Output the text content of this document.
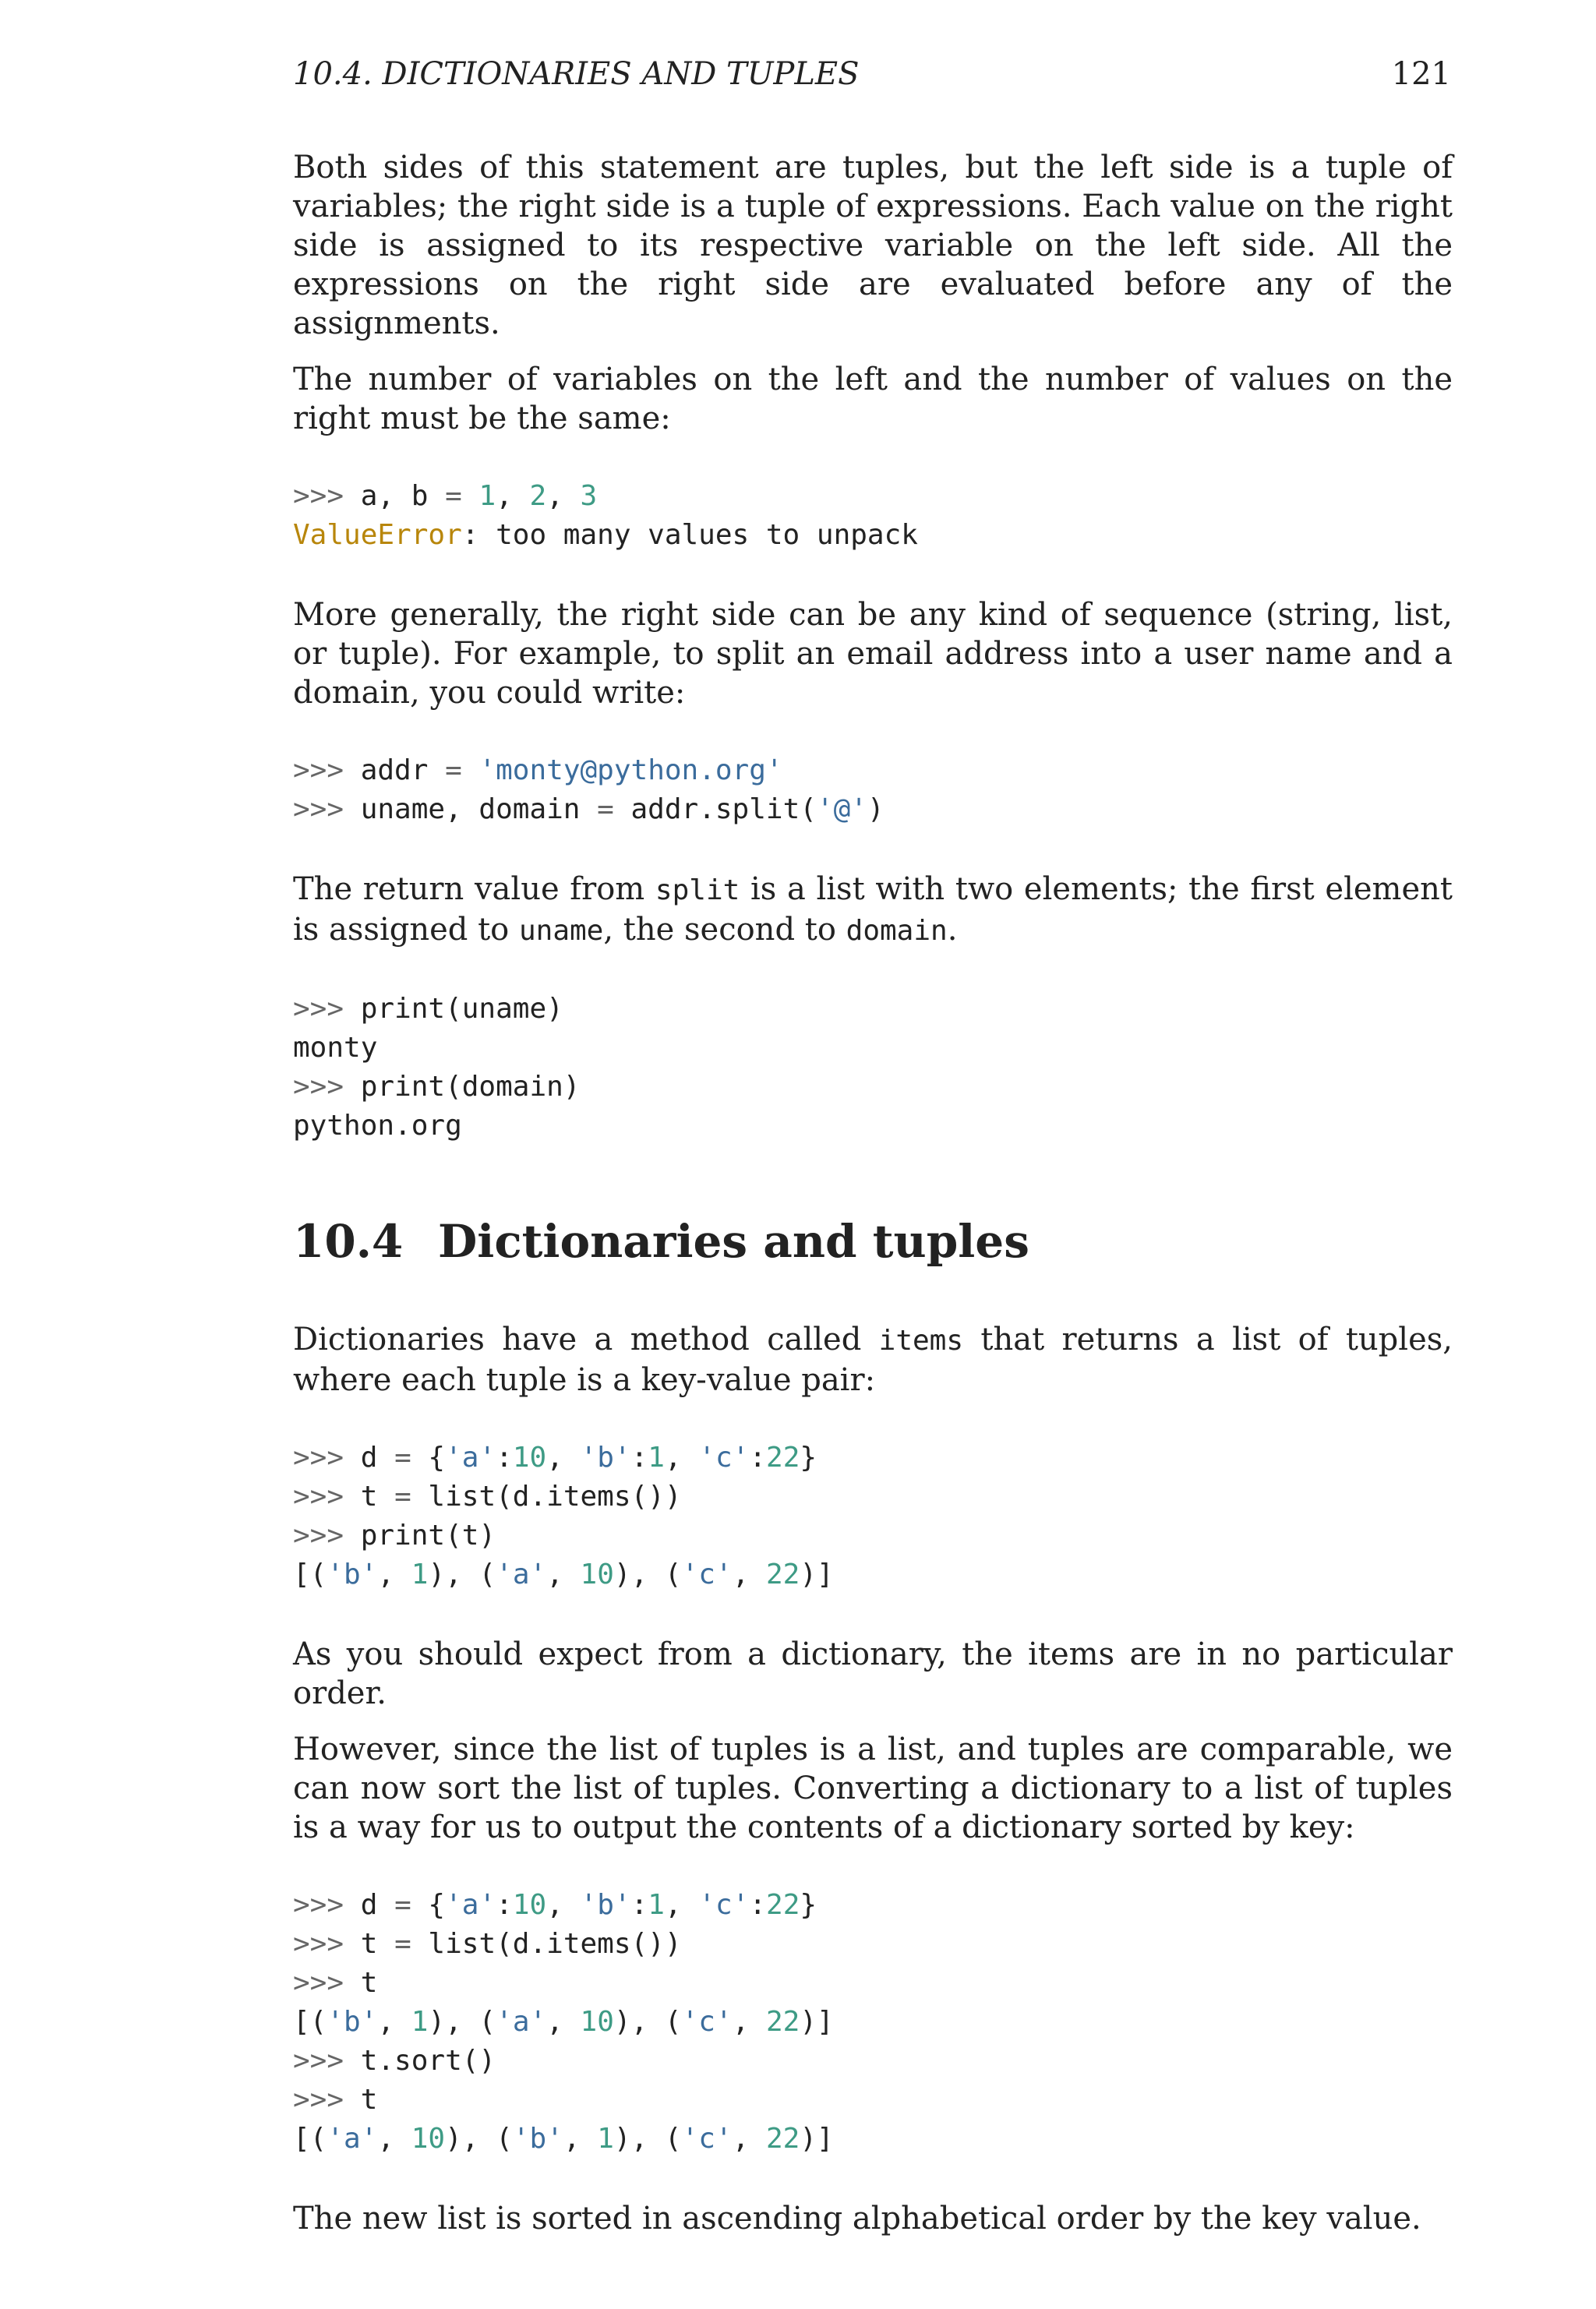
10.4. DICTIONARIES AND TUPLES	121

Both sides of this statement are tuples, but the left side is a tuple of variables; the right side is a tuple of expressions. Each value on the right side is assigned to its respective variable on the left side. All the expressions on the right side are evaluated before any of the assignments.

The number of variables on the left and the number of values on the right must be the same:

>>> a, b = 1, 2, 3
ValueError: too many values to unpack

More generally, the right side can be any kind of sequence (string, list, or tuple). For example, to split an email address into a user name and a domain, you could write:

>>> addr = 'monty@python.org'
>>> uname, domain = addr.split('@')

The return value from split is a list with two elements; the first element is assigned to uname, the second to domain.

>>> print(uname)
monty
>>> print(domain)
python.org
10.4 Dictionaries and tuples

Dictionaries have a method called items that returns a list of tuples, where each tuple is a key-value pair:

>>> d = {'a':10, 'b':1, 'c':22}
>>> t = list(d.items())
>>> print(t)
[('b', 1), ('a', 10), ('c', 22)]

As you should expect from a dictionary, the items are in no particular order.

However, since the list of tuples is a list, and tuples are comparable, we can now sort the list of tuples. Converting a dictionary to a list of tuples is a way for us to output the contents of a dictionary sorted by key:

>>> d = {'a':10, 'b':1, 'c':22}
>>> t = list(d.items())
>>> t
[('b', 1), ('a', 10), ('c', 22)]
>>> t.sort()
>>> t
[('a', 10), ('b', 1), ('c', 22)]

The new list is sorted in ascending alphabetical order by the key value.
